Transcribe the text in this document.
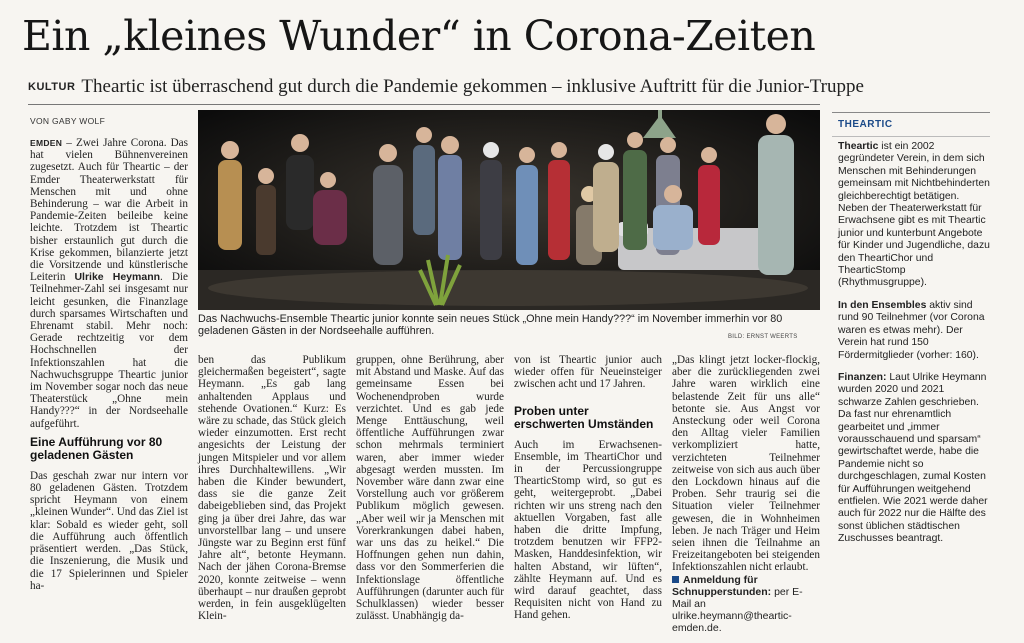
Ein „kleines Wunder“ in Corona-Zeiten
KULTUR Theartic ist überraschend gut durch die Pandemie gekommen – inklusive Auftritt für die Junior-Truppe
VON GABY WOLF

EMDEN – Zwei Jahre Corona. Das hat vielen Bühnenvereinen zugesetzt. Auch für Theartic – der Emder Theaterwerkstatt für Menschen mit und ohne Behinderung – war die Arbeit in Pandemie-Zeiten beileibe keine leichte. Trotzdem ist Theartic bisher erstaunlich gut durch die Krise gekommen, bilanzierte jetzt die Vorsitzende und künstlerische Leiterin Ulrike Heymann. Die Teilnehmer-Zahl sei insgesamt nur leicht gesunken, die Finanzlage durch sparsames Wirtschaften und Ehrenamt stabil. Mehr noch: Gerade rechtzeitig vor dem Hochschnellen der Infektionszahlen hat die Nachwuchsgruppe Theartic junior im November sogar noch das neue Theaterstück „Ohne mein Handy???“ in der Nordseehalle aufgeführt.

Eine Aufführung vor 80 geladenen Gästen

Das geschah zwar nur intern vor 80 geladenen Gästen. Trotzdem spricht Heymann von einem „kleinen Wunder“. Und das Ziel ist klar: Sobald es wieder geht, soll die Aufführung auch öffentlich präsentiert werden. „Das Stück, die Inszenierung, die Musik und die 17 Spielerinnen und Spieler ha-

Das Nachwuchs-Ensemble Theartic junior konnte sein neues Stück „Ohne mein Handy???“ im November immerhin vor 80 geladenen Gästen in der Nordseehalle aufführen.	BILD: ERNST WEERTS

ben das Publikum gleichermaßen begeistert“, sagte Heymann. „Es gab lang anhaltenden Applaus und stehende Ovationen.“ Kurz: Es wäre zu schade, das Stück gleich wieder einzumotten. Erst recht angesichts der Leistung der jungen Mitspieler und vor allem ihres Durchhaltewillens. „Wir haben die Kinder bewundert, dass sie die ganze Zeit dabeigeblieben sind, das Projekt ging ja über drei Jahre, das war unvorstellbar lang – und unsere Jüngste war zu Beginn erst fünf Jahre alt“, betonte Heymann. Nach der jähen Corona-Bremse 2020, konnte zeitweise – wenn überhaupt – nur draußen geprobt werden, in fein ausgeklügelten Klein-

gruppen, ohne Berührung, aber mit Abstand und Maske. Auf das gemeinsame Essen bei Wochenendproben wurde verzichtet. Und es gab jede Menge Enttäuschung, weil öffentliche Aufführungen zwar schon mehrmals terminiert waren, aber immer wieder abgesagt werden mussten. Im November wäre dann zwar eine Vorstellung auch vor größerem Publikum möglich gewesen. „Aber weil wir ja Menschen mit Vorerkrankungen dabei haben, war uns das zu heikel.“ Die Hoffnungen gehen nun dahin, dass vor den Sommerferien die Infektionslage öffentliche Aufführungen (darunter auch für Schulklassen) wieder besser zulässt. Unabhängig da-

von ist Theartic junior auch wieder offen für Neueinsteiger zwischen acht und 17 Jahren.

Proben unter erschwerten Umständen

Auch im Erwachsenen-Ensemble, im TheartiChor und in der Percussiongruppe TheartiсStomp wird, so gut es geht, weitergeprobt. „Dabei richten wir uns streng nach den aktuellen Vorgaben, fast alle haben die dritte Impfung, trotzdem benutzen wir FFP2-Masken, Handdesinfektion, wir halten Abstand, wir lüften“, zählte Heymann auf. Und es wird darauf geachtet, dass Requisiten nicht von Hand zu Hand gehen.

„Das klingt jetzt locker-flockig, aber die zurückliegenden zwei Jahre waren wirklich eine belastende Zeit für uns alle“ betonte sie. Aus Angst vor Ansteckung oder weil Corona den Alltag vieler Familien verkompliziert hatte, verzichteten Teilnehmer zeitweise von sich aus auch über den Lockdown hinaus auf die Proben. Sehr traurig sei die Situation vieler Teilnehmer gewesen, die in Wohnheimen leben. Je nach Träger und Heim seien ihnen die Teilnahme an Freizeitangeboten bei steigenden Infektionszahlen nicht erlaubt.

Anmeldung für Schnupperstunden: per E-Mail an ulrike.heymann@theartic-emden.de.

THEARTIC

Theartic ist ein 2002 gegründeter Verein, in dem sich Menschen mit Behinderungen gemeinsam mit Nichtbehinderten gleichberechtigt betätigen. Neben der Theaterwerkstatt für Erwachsene gibt es mit Theartic junior und kunterbunt Angebote für Kinder und Jugendliche, dazu den TheartiChor und TheartiсStomp (Rhythmusgruppe).

In den Ensembles aktiv sind rund 90 Teilnehmer (vor Corona waren es etwas mehr). Der Verein hat rund 150 Fördermitglieder (vorher: 160).

Finanzen: Laut Ulrike Heymann wurden 2020 und 2021 schwarze Zahlen geschrieben. Da fast nur ehrenamtlich gearbeitet und „immer vorausschauend und sparsam“ gewirtschaftet werde, habe die Pandemie nicht so durchgeschlagen, zumal Kosten für Aufführungen weitgehend entfielen. Wie 2021 werde daher auch für 2022 nur die Hälfte des sonst üblichen städtischen Zuschusses beantragt.
